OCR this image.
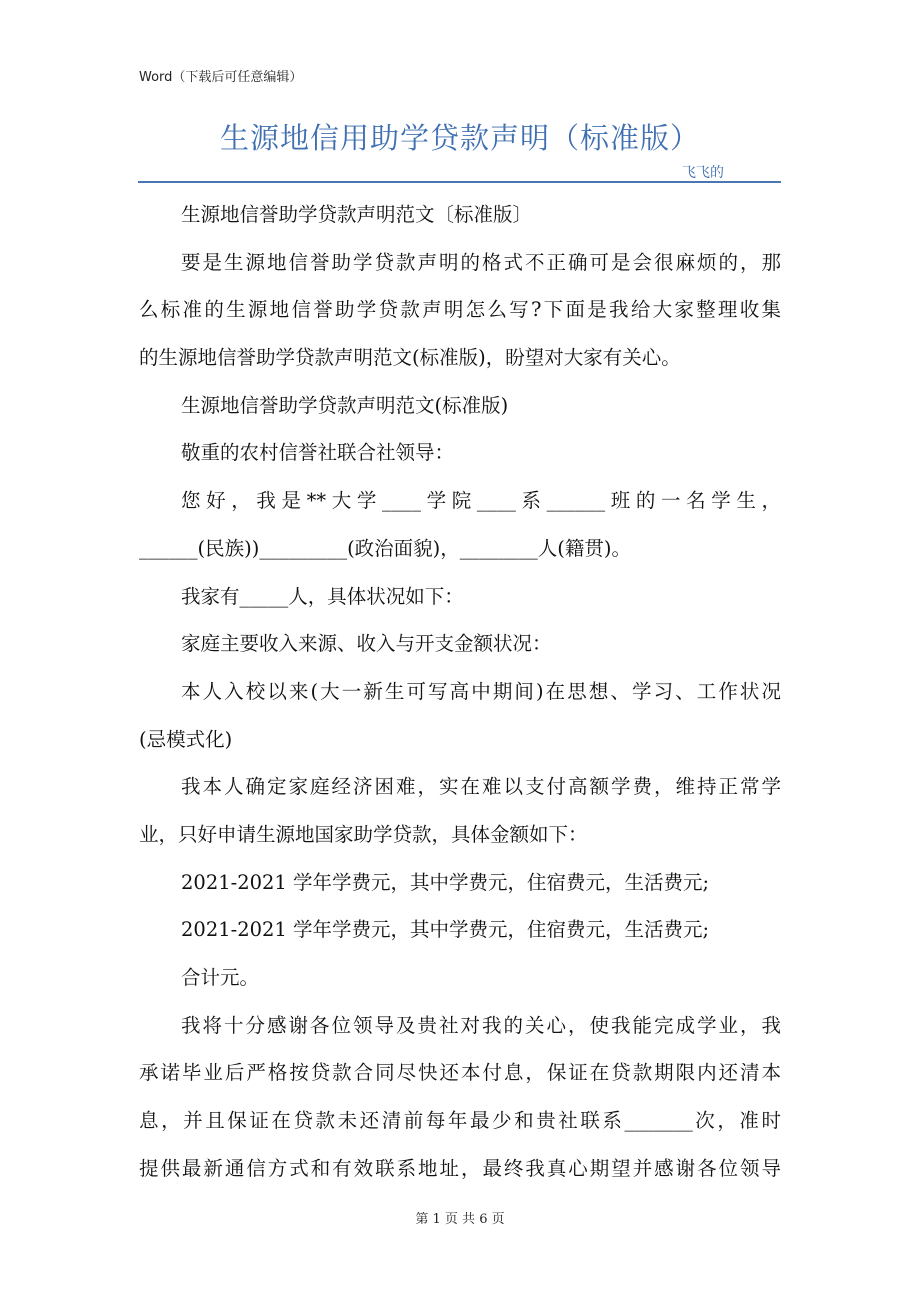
Word（下载后可任意编辑）
生源地信用助学贷款声明（标准版）
飞飞的
生源地信誉助学贷款声明范文〔标准版〕
要是生源地信誉助学贷款声明的格式不正确可是会很麻烦的，那
么标准的生源地信誉助学贷款声明怎么写?下面是我给大家整理收集
的生源地信誉助学贷款声明范文(标准版)，盼望对大家有关心。
生源地信誉助学贷款声明范文(标准版)
敬重的农村信誉社联合社领导：
您好，我是**大学____学院____系______班的一名学生，
______(民族))_________(政治面貌)，________人(籍贯)。
我家有_____人，具体状况如下：
家庭主要收入来源、收入与开支金额状况：
本人入校以来(大一新生可写高中期间)在思想、学习、工作状况
(忌模式化)
我本人确定家庭经济困难，实在难以支付高额学费，维持正常学
业，只好申请生源地国家助学贷款，具体金额如下：
2021-2021 学年学费元，其中学费元，住宿费元，生活费元;
2021-2021 学年学费元，其中学费元，住宿费元，生活费元;
合计元。
我将十分感谢各位领导及贵社对我的关心，使我能完成学业，我
承诺毕业后严格按贷款合同尽快还本付息，保证在贷款期限内还清本
息，并且保证在贷款未还清前每年最少和贵社联系_______次，准时
提供最新通信方式和有效联系地址，最终我真心期望并感谢各位领导
第 1 页 共 6 页
